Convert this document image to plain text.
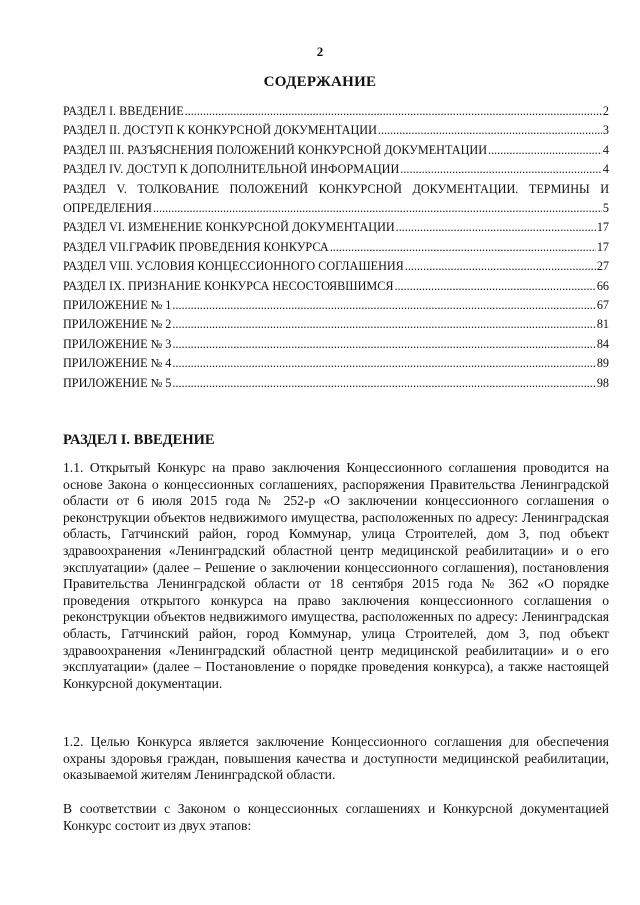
2
СОДЕРЖАНИЕ
РАЗДЕЛ I. ВВЕДЕНИЕ .....	2
РАЗДЕЛ II. ДОСТУП К КОНКУРСНОЙ ДОКУМЕНТАЦИИ .....	3
РАЗДЕЛ III. РАЗЪЯСНЕНИЯ ПОЛОЖЕНИЙ КОНКУРСНОЙ ДОКУМЕНТАЦИИ .....	4
РАЗДЕЛ IV. ДОСТУП К ДОПОЛНИТЕЛЬНОЙ ИНФОРМАЦИИ .....	4
РАЗДЕЛ V. ТОЛКОВАНИЕ ПОЛОЖЕНИЙ КОНКУРСНОЙ ДОКУМЕНТАЦИИ. ТЕРМИНЫ И
ОПРЕДЕЛЕНИЯ .....	5
РАЗДЕЛ VI. ИЗМЕНЕНИЕ КОНКУРСНОЙ ДОКУМЕНТАЦИИ .....	17
РАЗДЕЛ VII.ГРАФИК ПРОВЕДЕНИЯ КОНКУРСА .....	17
РАЗДЕЛ VIII. УСЛОВИЯ КОНЦЕССИОННОГО СОГЛАШЕНИЯ .....	27
РАЗДЕЛ IX. ПРИЗНАНИЕ КОНКУРСА НЕСОСТОЯВШИМСЯ .....	66
ПРИЛОЖЕНИЕ № 1 .....	67
ПРИЛОЖЕНИЕ № 2 .....	81
ПРИЛОЖЕНИЕ № 3 .....	84
ПРИЛОЖЕНИЕ № 4 .....	89
ПРИЛОЖЕНИЕ № 5 .....	98
РАЗДЕЛ I. ВВЕДЕНИЕ

1.1. Открытый Конкурс на право заключения Концессионного соглашения проводится на основе Закона о концессионных соглашениях, распоряжения Правительства Ленинградской области от 6 июля 2015 года № 252-р «О заключении концессионного соглашения о реконструкции объектов недвижимого имущества, расположенных по адресу: Ленинградская область, Гатчинский район, город Коммунар, улица Строителей, дом 3, под объект здравоохранения «Ленинградский областной центр медицинской реабилитации» и о его эксплуатации» (далее – Решение о заключении концессионного соглашения), постановления Правительства Ленинградской области от 18 сентября 2015 года № 362 «О порядке проведения открытого конкурса на право заключения концессионного соглашения о реконструкции объектов недвижимого имущества, расположенных по адресу: Ленинградская область, Гатчинский район, город Коммунар, улица Строителей, дом 3, под объект здравоохранения «Ленинградский областной центр медицинской реабилитации» и о его эксплуатации» (далее – Постановление о порядке проведения конкурса), а также настоящей Конкурсной документации.

1.2. Целью Конкурса является заключение Концессионного соглашения для обеспечения охраны здоровья граждан, повышения качества и доступности медицинской реабилитации, оказываемой жителям Ленинградской области.

В соответствии с Законом о концессионных соглашениях и Конкурсной документацией Конкурс состоит из двух этапов:
